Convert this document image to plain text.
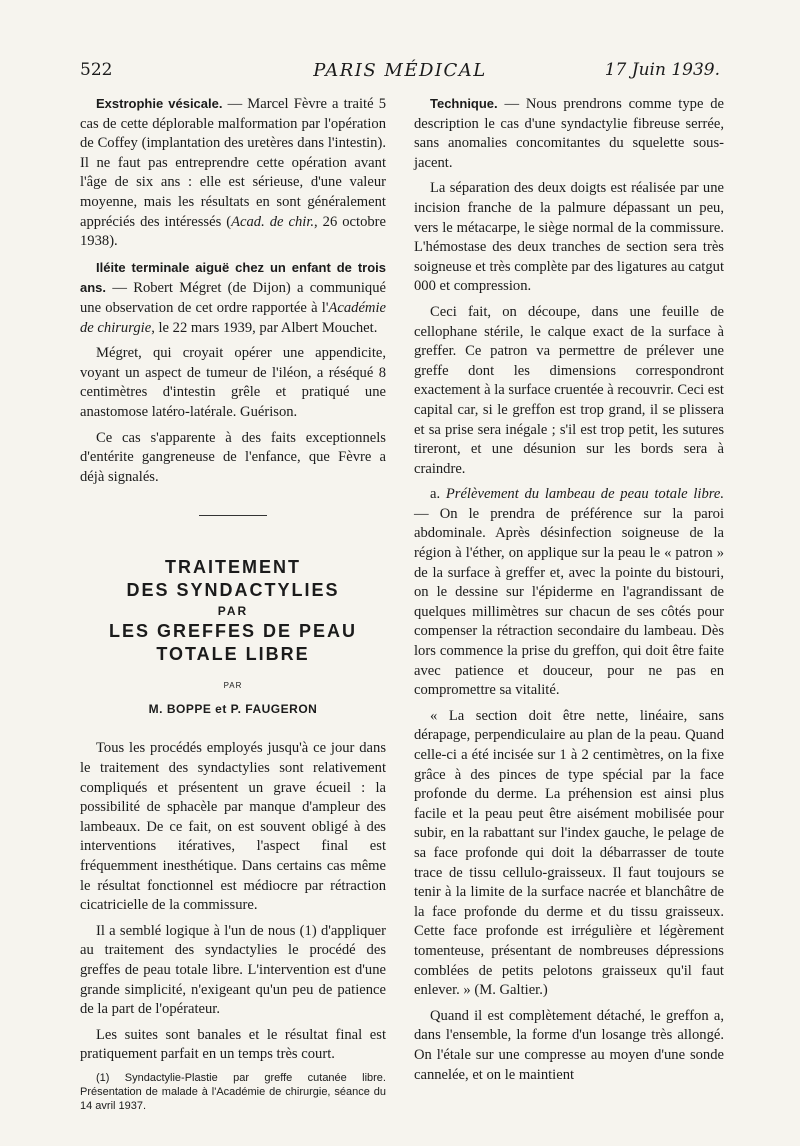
522	PARIS MÉDICAL	17 Juin 1939.

Exstrophie vésicale. — Marcel Fèvre a traité 5 cas de cette déplorable malformation par l'opération de Coffey (implantation des uretères dans l'intestin). Il ne faut pas entreprendre cette opération avant l'âge de six ans : elle est sérieuse, d'une valeur moyenne, mais les résultats en sont généralement appréciés des intéressés (Acad. de chir., 26 octobre 1938).

Iléite terminale aiguë chez un enfant de trois ans. — Robert Mégret (de Dijon) a communiqué une observation de cet ordre rapportée à l'Académie de chirurgie, le 22 mars 1939, par Albert Mouchet.

Mégret, qui croyait opérer une appendicite, voyant un aspect de tumeur de l'iléon, a réséqué 8 centimètres d'intestin grêle et pratiqué une anastomose latéro-latérale. Guérison.

Ce cas s'apparente à des faits exceptionnels d'entérite gangreneuse de l'enfance, que Fèvre a déjà signalés.

TRAITEMENT
DES SYNDACTYLIES
PAR
LES GREFFES DE PEAU
TOTALE LIBRE
PAR
M. BOPPE et P. FAUGERON

Tous les procédés employés jusqu'à ce jour dans le traitement des syndactylies sont relativement compliqués et présentent un grave écueil : la possibilité de sphacèle par manque d'ampleur des lambeaux. De ce fait, on est souvent obligé à des interventions itératives, l'aspect final est fréquemment inesthétique. Dans certains cas même le résultat fonctionnel est médiocre par rétraction cicatricielle de la commissure.

Il a semblé logique à l'un de nous (1) d'appliquer au traitement des syndactylies le procédé des greffes de peau totale libre. L'intervention est d'une grande simplicité, n'exigeant qu'un peu de patience de la part de l'opérateur.

Les suites sont banales et le résultat final est pratiquement parfait en un temps très court.

(1) Syndactylie-Plastie par greffe cutanée libre. Présentation de malade à l'Académie de chirurgie, séance du 14 avril 1937.

Technique. — Nous prendrons comme type de description le cas d'une syndactylie fibreuse serrée, sans anomalies concomitantes du squelette sous-jacent.

La séparation des deux doigts est réalisée par une incision franche de la palmure dépassant un peu, vers le métacarpe, le siège normal de la commissure. L'hémostase des deux tranches de section sera très soigneuse et très complète par des ligatures au catgut 000 et compression.

Ceci fait, on découpe, dans une feuille de cellophane stérile, le calque exact de la surface à greffer. Ce patron va permettre de prélever une greffe dont les dimensions correspondront exactement à la surface cruentée à recouvrir. Ceci est capital car, si le greffon est trop grand, il se plissera et sa prise sera inégale ; s'il est trop petit, les sutures tireront, et une désunion sur les bords sera à craindre.

a. Prélèvement du lambeau de peau totale libre. — On le prendra de préférence sur la paroi abdominale. Après désinfection soigneuse de la région à l'éther, on applique sur la peau le « patron » de la surface à greffer et, avec la pointe du bistouri, on le dessine sur l'épiderme en l'agrandissant de quelques millimètres sur chacun de ses côtés pour compenser la rétraction secondaire du lambeau. Dès lors commence la prise du greffon, qui doit être faite avec patience et douceur, pour ne pas en compromettre sa vitalité.

« La section doit être nette, linéaire, sans dérapage, perpendiculaire au plan de la peau. Quand celle-ci a été incisée sur 1 à 2 centimètres, on la fixe grâce à des pinces de type spécial par la face profonde du derme. La préhension est ainsi plus facile et la peau peut être aisément mobilisée pour subir, en la rabattant sur l'index gauche, le pelage de sa face profonde qui doit la débarrasser de toute trace de tissu cellulo-graisseux. Il faut toujours se tenir à la limite de la surface nacrée et blanchâtre de la face profonde du derme et du tissu graisseux. Cette face profonde est irrégulière et légèrement tomenteuse, présentant de nombreuses dépressions comblées de petits pelotons graisseux qu'il faut enlever. » (M. Galtier.)

Quand il est complètement détaché, le greffon a, dans l'ensemble, la forme d'un losange très allongé. On l'étale sur une compresse au moyen d'une sonde cannelée, et on le maintient
